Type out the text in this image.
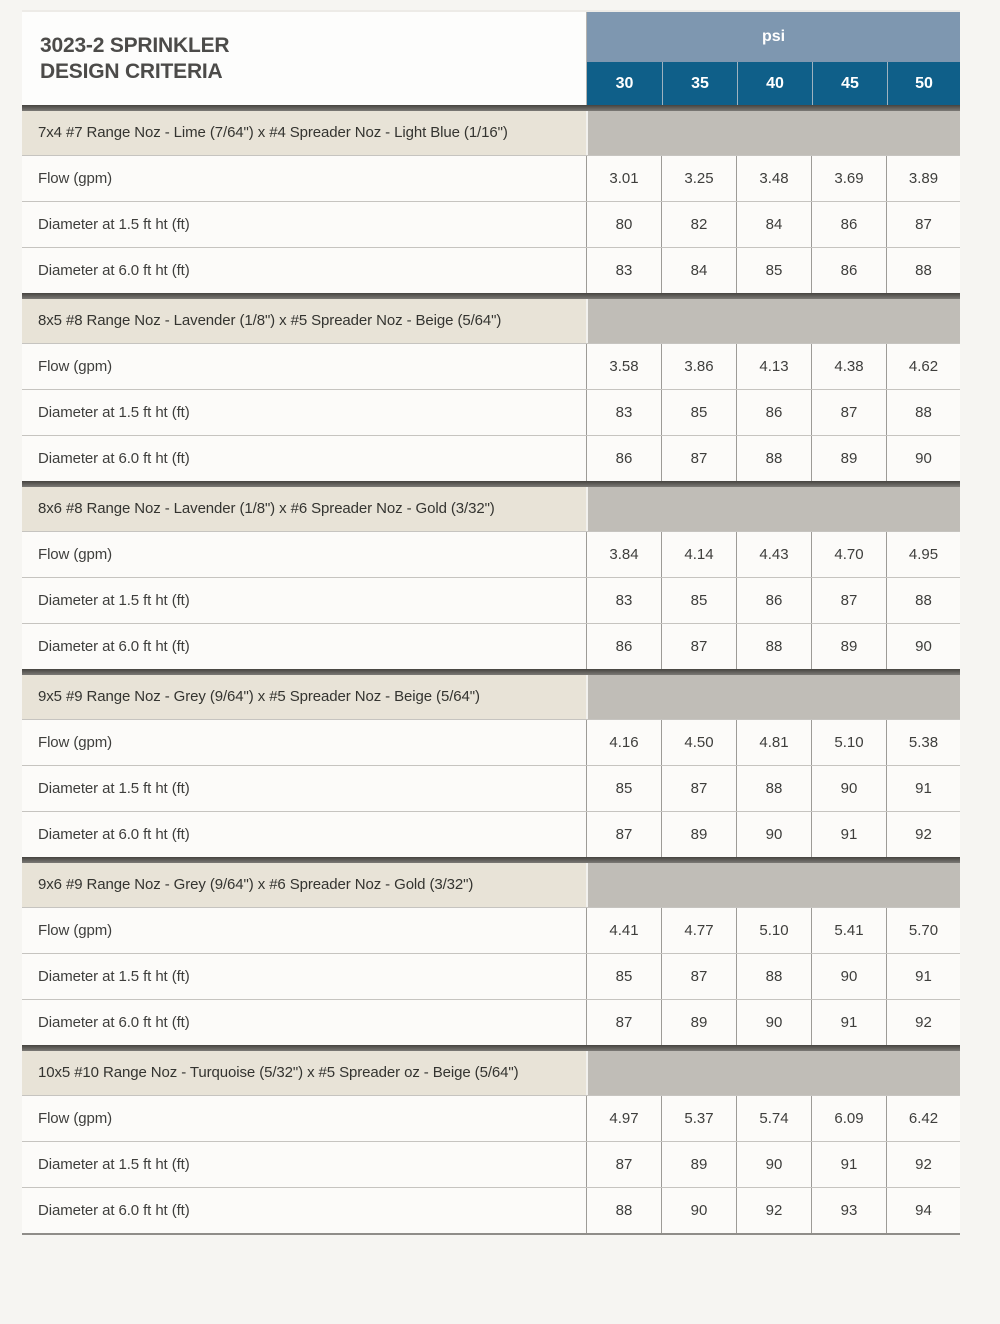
3023-2 SPRINKLER
DESIGN CRITERIA
psi
30	35	40	45	50
7x4 #7 Range Noz - Lime (7/64") x #4 Spreader Noz - Light Blue (1/16")
Flow (gpm)	3.01	3.25	3.48	3.69	3.89
Diameter at 1.5 ft ht (ft)	80	82	84	86	87
Diameter at 6.0 ft ht (ft)	83	84	85	86	88
8x5 #8 Range Noz - Lavender (1/8") x #5 Spreader Noz - Beige (5/64")
Flow (gpm)	3.58	3.86	4.13	4.38	4.62
Diameter at 1.5 ft ht (ft)	83	85	86	87	88
Diameter at 6.0 ft ht (ft)	86	87	88	89	90
8x6 #8 Range Noz - Lavender (1/8") x #6 Spreader Noz - Gold (3/32")
Flow (gpm)	3.84	4.14	4.43	4.70	4.95
Diameter at 1.5 ft ht (ft)	83	85	86	87	88
Diameter at 6.0 ft ht (ft)	86	87	88	89	90
9x5 #9 Range Noz - Grey (9/64") x #5 Spreader Noz - Beige (5/64")
Flow (gpm)	4.16	4.50	4.81	5.10	5.38
Diameter at 1.5 ft ht (ft)	85	87	88	90	91
Diameter at 6.0 ft ht (ft)	87	89	90	91	92
9x6 #9 Range Noz - Grey (9/64") x #6 Spreader Noz - Gold (3/32")
Flow (gpm)	4.41	4.77	5.10	5.41	5.70
Diameter at 1.5 ft ht (ft)	85	87	88	90	91
Diameter at 6.0 ft ht (ft)	87	89	90	91	92
10x5 #10 Range Noz - Turquoise (5/32") x #5 Spreader oz - Beige (5/64")
Flow (gpm)	4.97	5.37	5.74	6.09	6.42
Diameter at 1.5 ft ht (ft)	87	89	90	91	92
Diameter at 6.0 ft ht (ft)	88	90	92	93	94
